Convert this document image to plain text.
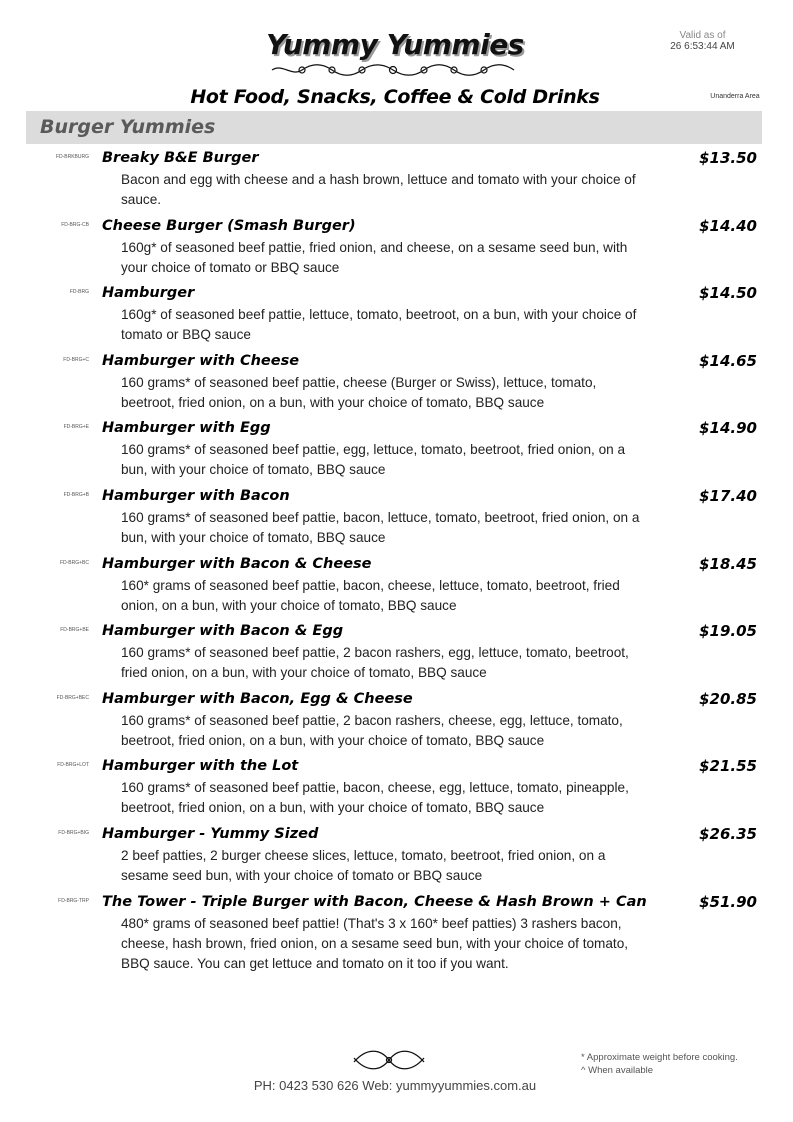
Yummy Yummies	Valid as of
26 6:53:44 AM
Hot Food, Snacks, Coffee & Cold Drinks	Unanderra Area
Burger Yummies
FD-BRKBURG Breaky B&E Burger	$13.50
Bacon and egg with cheese and a hash brown, lettuce and tomato with your choice of sauce.
FD-BRG-CB Cheese Burger (Smash Burger)	$14.40
160g* of seasoned beef pattie, fried onion, and cheese, on a sesame seed bun, with your choice of tomato or BBQ sauce
FD-BRG Hamburger	$14.50
160g* of seasoned beef pattie, lettuce, tomato, beetroot, on a bun, with your choice of tomato or BBQ sauce
FD-BRG+C Hamburger with Cheese	$14.65
160 grams* of seasoned beef pattie, cheese (Burger or Swiss), lettuce, tomato, beetroot, fried onion, on a bun, with your choice of tomato, BBQ sauce
FD-BRG+E Hamburger with Egg	$14.90
160 grams* of seasoned beef pattie, egg, lettuce, tomato, beetroot, fried onion, on a bun, with your choice of tomato, BBQ sauce
FD-BRG+B Hamburger with Bacon	$17.40
160 grams* of seasoned beef pattie, bacon, lettuce, tomato, beetroot, fried onion, on a bun, with your choice of tomato, BBQ sauce
FD-BRG+BC Hamburger with Bacon & Cheese	$18.45
160* grams of seasoned beef pattie, bacon, cheese, lettuce, tomato, beetroot, fried onion, on a bun, with your choice of tomato, BBQ sauce
FD-BRG+BE Hamburger with Bacon & Egg	$19.05
160 grams* of seasoned beef pattie, 2 bacon rashers, egg, lettuce, tomato, beetroot, fried onion, on a bun, with your choice of tomato, BBQ sauce
FD-BRG+BEC Hamburger with Bacon, Egg & Cheese	$20.85
160 grams* of seasoned beef pattie, 2 bacon rashers, cheese, egg, lettuce, tomato, beetroot, fried onion, on a bun, with your choice of tomato, BBQ sauce
FD-BRG+LOT Hamburger with the Lot	$21.55
160 grams* of seasoned beef pattie, bacon, cheese, egg, lettuce, tomato, pineapple, beetroot, fried onion, on a bun, with your choice of tomato, BBQ sauce
FD-BRG+BIG Hamburger - Yummy Sized	$26.35
2 beef patties, 2 burger cheese slices, lettuce, tomato, beetroot, fried onion, on a sesame seed bun, with your choice of tomato or BBQ sauce
FD-BRG-TRP The Tower - Triple Burger with Bacon, Cheese & Hash Brown + Can	$51.90
480* grams of seasoned beef pattie! (That's 3 x 160* beef patties) 3 rashers bacon, cheese, hash brown, fried onion, on a sesame seed bun, with your choice of tomato, BBQ sauce. You can get lettuce and tomato on it too if you want.
PH: 0423 530 626 Web: yummyyummies.com.au
* Approximate weight before cooking.
^ When available
